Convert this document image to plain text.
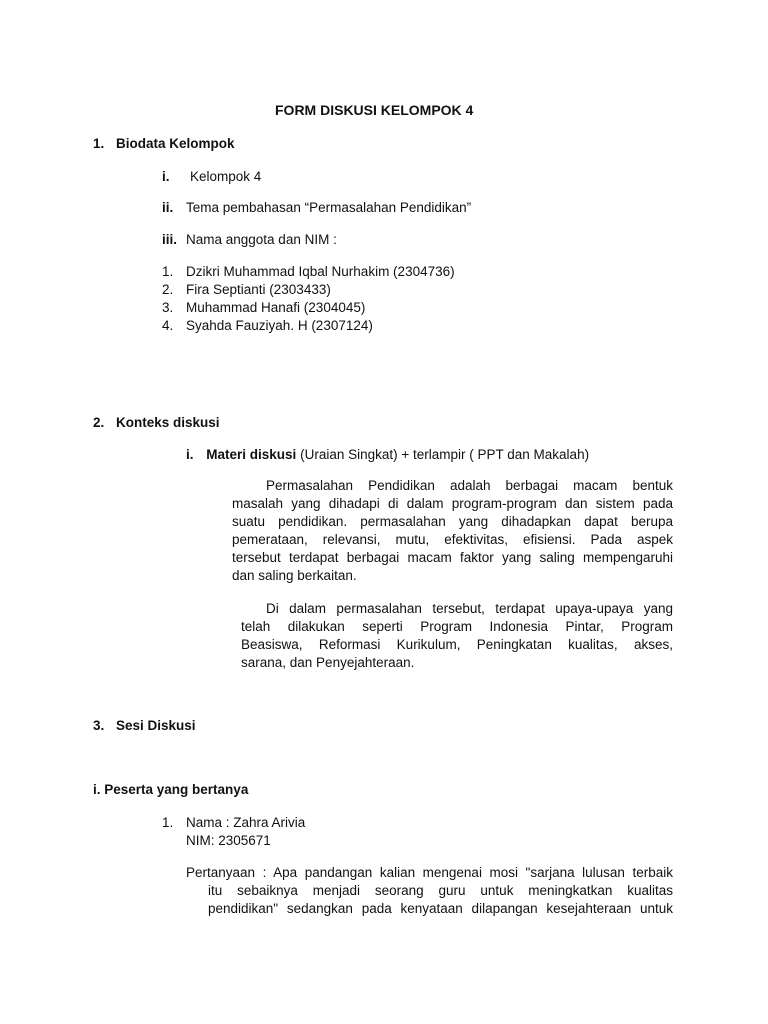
FORM DISKUSI KELOMPOK 4
1. Biodata Kelompok
i. Kelompok 4
ii. Tema pembahasan “Permasalahan Pendidikan”
iii. Nama anggota dan NIM :
1. Dzikri Muhammad Iqbal Nurhakim (2304736)
2. Fira Septianti (2303433)
3. Muhammad Hanafi (2304045)
4. Syahda Fauziyah. H (2307124)
2. Konteks diskusi
i. Materi diskusi (Uraian Singkat) + terlampir ( PPT dan Makalah)
Permasalahan Pendidikan adalah berbagai macam bentuk
masalah yang dihadapi di dalam program-program dan sistem pada
suatu pendidikan. permasalahan yang dihadapkan dapat berupa
pemerataan, relevansi, mutu, efektivitas, efisiensi. Pada aspek
tersebut terdapat berbagai macam faktor yang saling mempengaruhi
dan saling berkaitan.
Di dalam permasalahan tersebut, terdapat upaya-upaya yang
telah dilakukan seperti Program Indonesia Pintar, Program
Beasiswa, Reformasi Kurikulum, Peningkatan kualitas, akses,
sarana, dan Penyejahteraan.
3. Sesi Diskusi
i. Peserta yang bertanya
1. Nama : Zahra Arivia
NIM: 2305671
Pertanyaan : Apa pandangan kalian mengenai mosi "sarjana lulusan terbaik
itu sebaiknya menjadi seorang guru untuk meningkatkan kualitas
pendidikan" sedangkan pada kenyataan dilapangan kesejahteraan untuk
